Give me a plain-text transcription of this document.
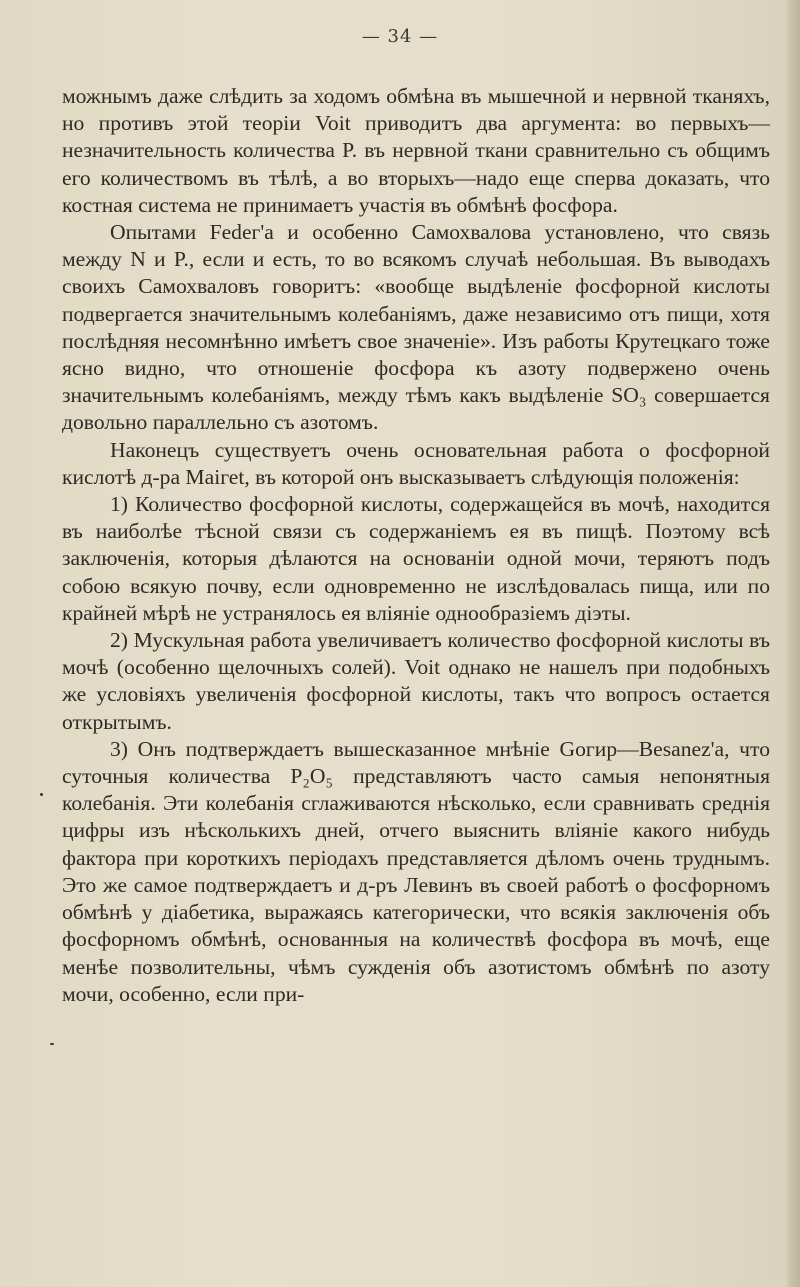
— 34 —

можнымъ даже слѣдить за ходомъ обмѣна въ мышечной и нервной тканяхъ, но противъ этой теоріи Voit приводитъ два аргумента: во первыхъ—незначительность количества P. въ нервной ткани сравнительно съ общимъ его количествомъ въ тѣлѣ, а во вторыхъ—надо еще сперва доказать, что костная система не принимаетъ участія въ обмѣнѣ фосфора.

Опытами Fedег'а и особенно Самохвалова установлено, что связь между N и P., если и есть, то во всякомъ случаѣ небольшая. Въ выводахъ своихъ Самохваловъ говоритъ: «вообще выдѣленіе фосфорной кислоты подвергается значительнымъ колебаніямъ, даже независимо отъ пищи, хотя послѣдняя несомнѣнно имѣетъ свое значеніе». Изъ работы Крутецкаго тоже ясно видно, что отношеніе фосфора къ азоту подвержено очень значительнымъ колебаніямъ, между тѣмъ какъ выдѣленіе SO₃ совершается довольно параллельно съ азотомъ.

Наконецъ существуетъ очень основательная работа о фосфорной кислотѣ д-ра Maiгеt, въ которой онъ высказываетъ слѣдующія положенія:

1) Количество фосфорной кислоты, содержащейся въ мочѣ, находится въ наиболѣе тѣсной связи съ содержаніемъ ея въ пищѣ. Поэтому всѣ заключенія, которыя дѣлаются на основаніи одной мочи, теряютъ подъ собою всякую почву, если одновременно не изслѣдовалась пища, или по крайней мѣрѣ не устранялось ея вліяніе однообразіемъ діэты.

2) Мускульная работа увеличиваетъ количество фосфорной кислоты въ мочѣ (особенно щелочныхъ солей). Voit однако не нашелъ при подобныхъ же условіяхъ увеличенія фосфорной кислоты, такъ что вопросъ остается открытымъ.

3) Онъ подтверждаетъ вышесказанное мнѣніе Gогир—Веsanez'а, что суточныя количества P₂O₅ представляютъ часто самыя непонятныя колебанія. Эти колебанія сглаживаются нѣсколько, если сравнивать среднія цифры изъ нѣсколькихъ дней, отчего выяснить вліяніе какого нибудь фактора при короткихъ періодахъ представляется дѣломъ очень труднымъ. Это же самое подтверждаетъ и д-ръ Левинъ въ своей работѣ о фосфорномъ обмѣнѣ у діабетика, выражаясь категорически, что всякія заключенія объ фосфорномъ обмѣнѣ, основанныя на количествѣ фосфора въ мочѣ, еще менѣе позволительны, чѣмъ сужденія объ азотистомъ обмѣнѣ по азоту мочи, особенно, если при-
